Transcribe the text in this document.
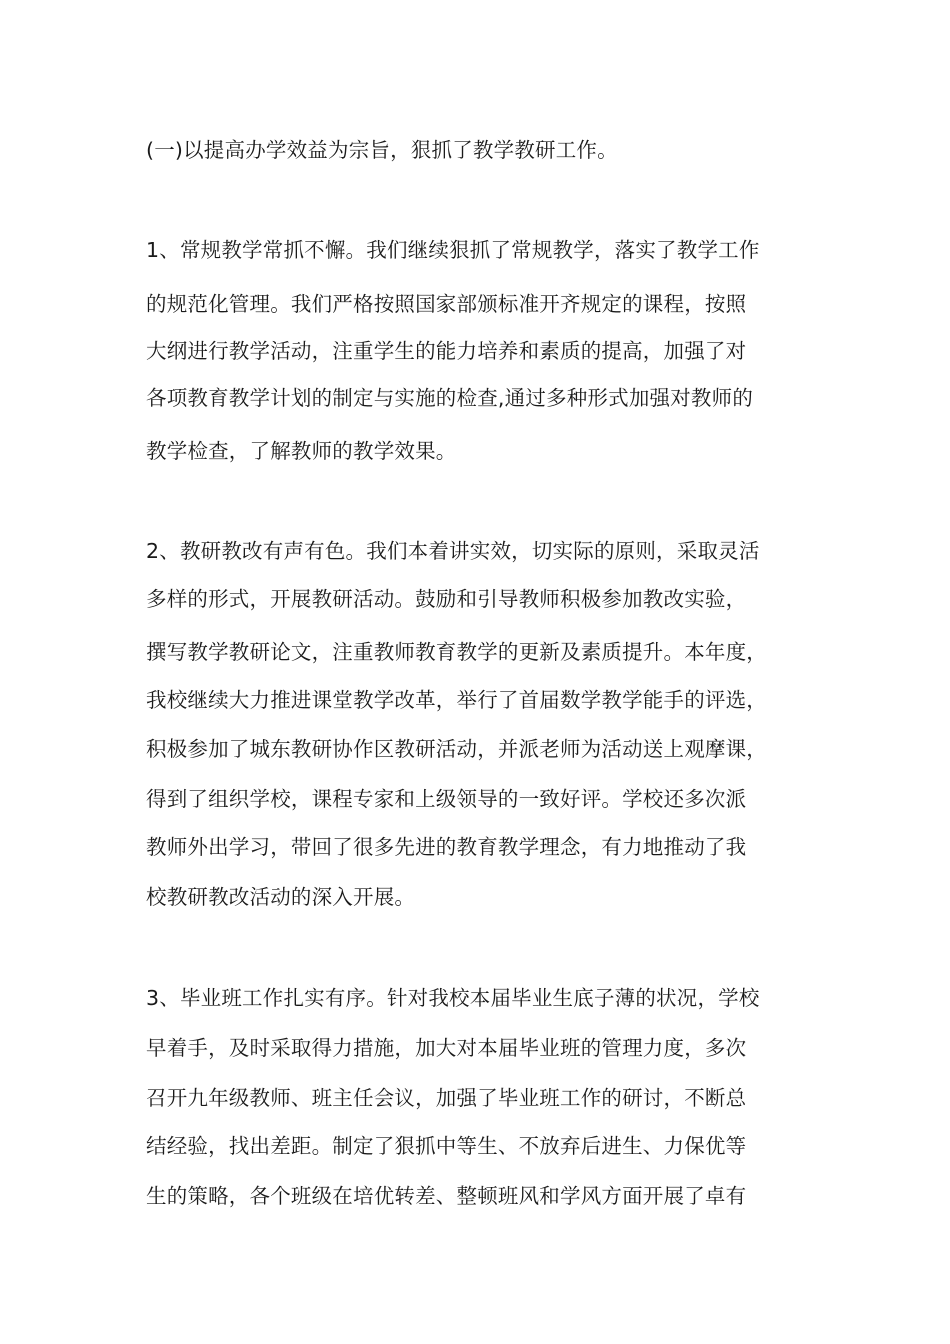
(一)以提高办学效益为宗旨，狠抓了教学教研工作。
1、常规教学常抓不懈。我们继续狠抓了常规教学，落实了教学工作
的规范化管理。我们严格按照国家部颁标准开齐规定的课程，按照
大纲进行教学活动，注重学生的能力培养和素质的提高，加强了对
各项教育教学计划的制定与实施的检查,通过多种形式加强对教师的
教学检查，了解教师的教学效果。
2、教研教改有声有色。我们本着讲实效，切实际的原则，采取灵活
多样的形式，开展教研活动。鼓励和引导教师积极参加教改实验，
撰写教学教研论文，注重教师教育教学的更新及素质提升。本年度，
我校继续大力推进课堂教学改革，举行了首届数学教学能手的评选，
积极参加了城东教研协作区教研活动，并派老师为活动送上观摩课，
得到了组织学校，课程专家和上级领导的一致好评。学校还多次派
教师外出学习，带回了很多先进的教育教学理念，有力地推动了我
校教研教改活动的深入开展。
3、毕业班工作扎实有序。针对我校本届毕业生底子薄的状况，学校
早着手，及时采取得力措施，加大对本届毕业班的管理力度，多次
召开九年级教师、班主任会议，加强了毕业班工作的研讨，不断总
结经验，找出差距。制定了狠抓中等生、不放弃后进生、力保优等
生的策略，各个班级在培优转差、整顿班风和学风方面开展了卓有
